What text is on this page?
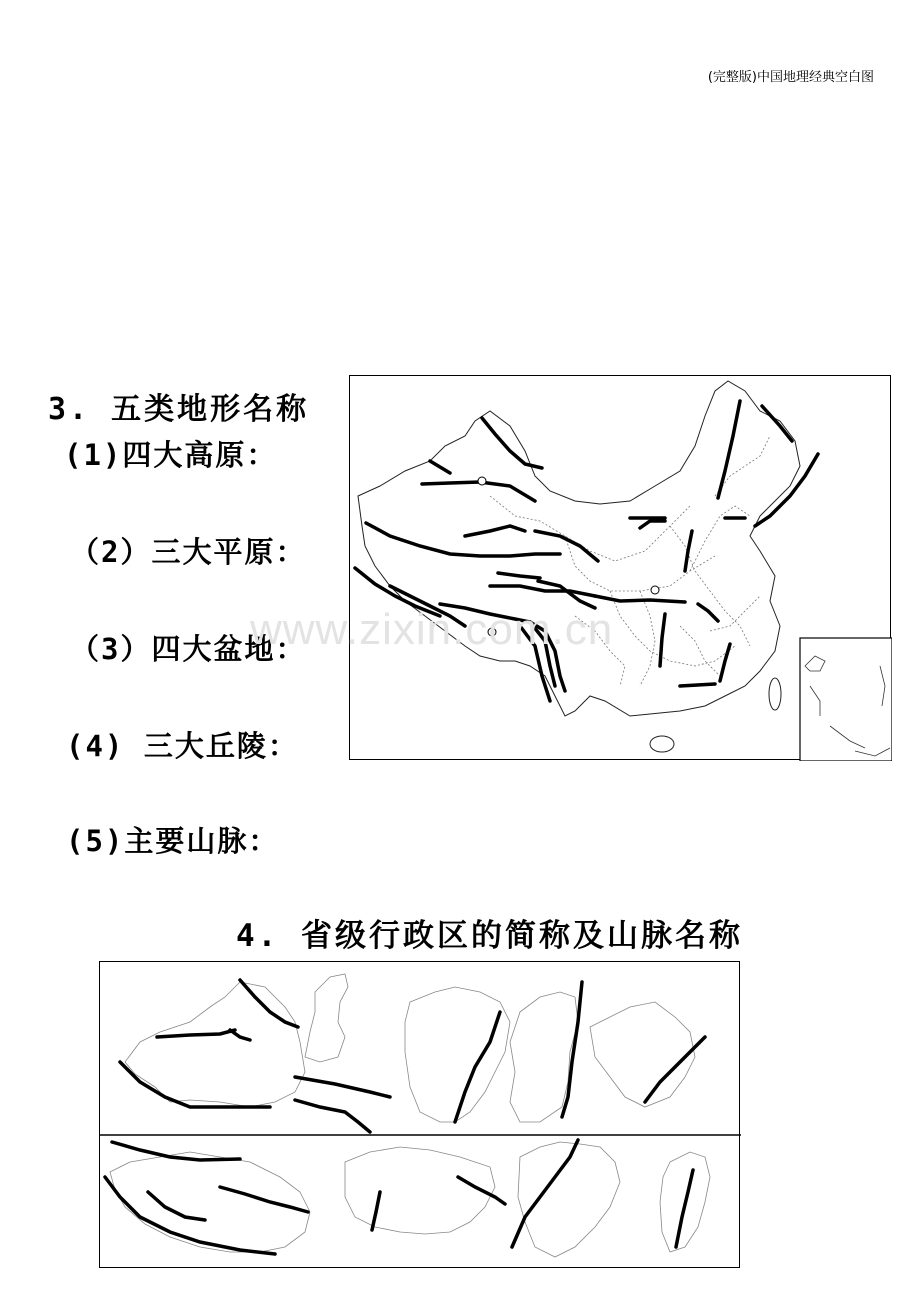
(完整版)中国地理经典空白图
3. 五类地形名称
(1)四大高原：
（2）三大平原：
（3）四大盆地：
(4) 三大丘陵：
(5)主要山脉：
www.zixin.com.cn
4. 省级行政区的简称及山脉名称
